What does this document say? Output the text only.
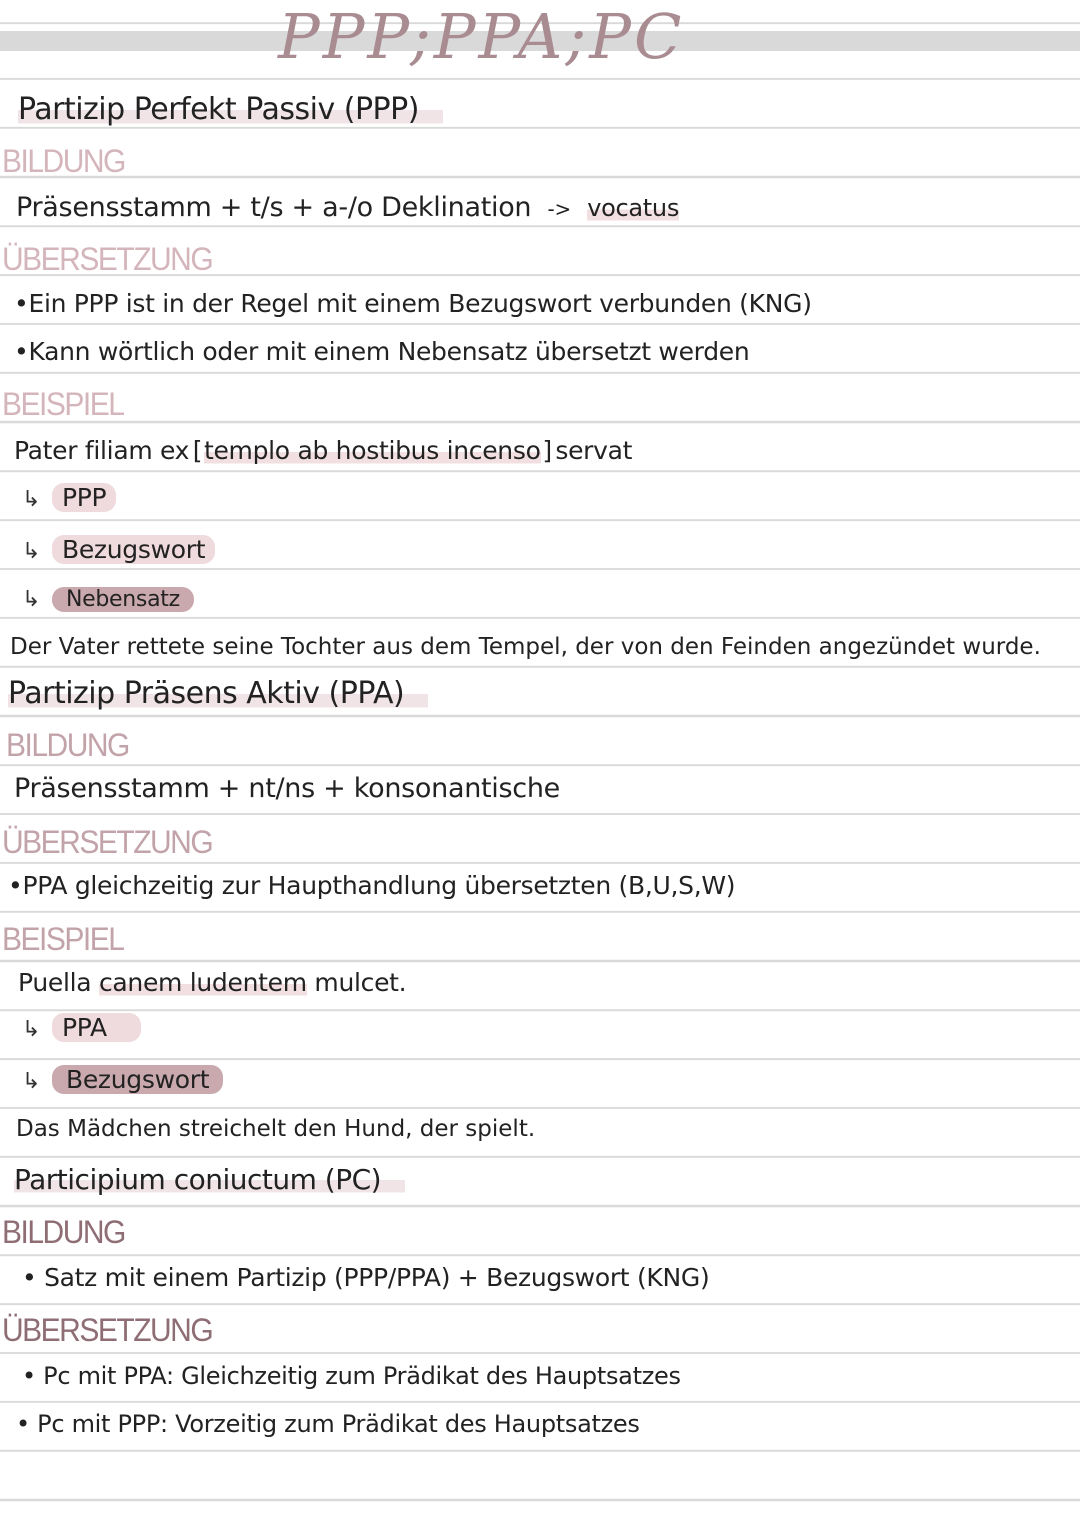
PPP;PPA;PC
Partizip Perfekt Passiv (PPP)
BILDUNG
Präsensstamm + t/s + a-/o Deklination -> vocatus
ÜBERSETZUNG
•Ein PPP ist in der Regel mit einem Bezugswort verbunden (KNG)
•Kann wörtlich oder mit einem Nebensatz übersetzt werden
BEISPIEL
Pater filiam ex[templo ab hostibus incenso]servat
↳ PPP
↳ Bezugswort
↳ Nebensatz
Der Vater rettete seine Tochter aus dem Tempel, der von den Feinden angezündet wurde.
Partizip Präsens Aktiv (PPA)
BILDUNG
Präsensstamm + nt/ns + konsonantische
ÜBERSETZUNG
•PPA gleichzeitig zur Haupthandlung übersetzten (B,U,S,W)
BEISPIEL
Puella canem ludentem mulcet.
↳ PPA
↳ Bezugswort
Das Mädchen streichelt den Hund, der spielt.
Participium coniuctum (PC)
BILDUNG
• Satz mit einem Partizip (PPP/PPA) + Bezugswort (KNG)
ÜBERSETZUNG
• Pc mit PPA: Gleichzeitig zum Prädikat des Hauptsatzes
• Pc mit PPP: Vorzeitig zum Prädikat des Hauptsatzes
